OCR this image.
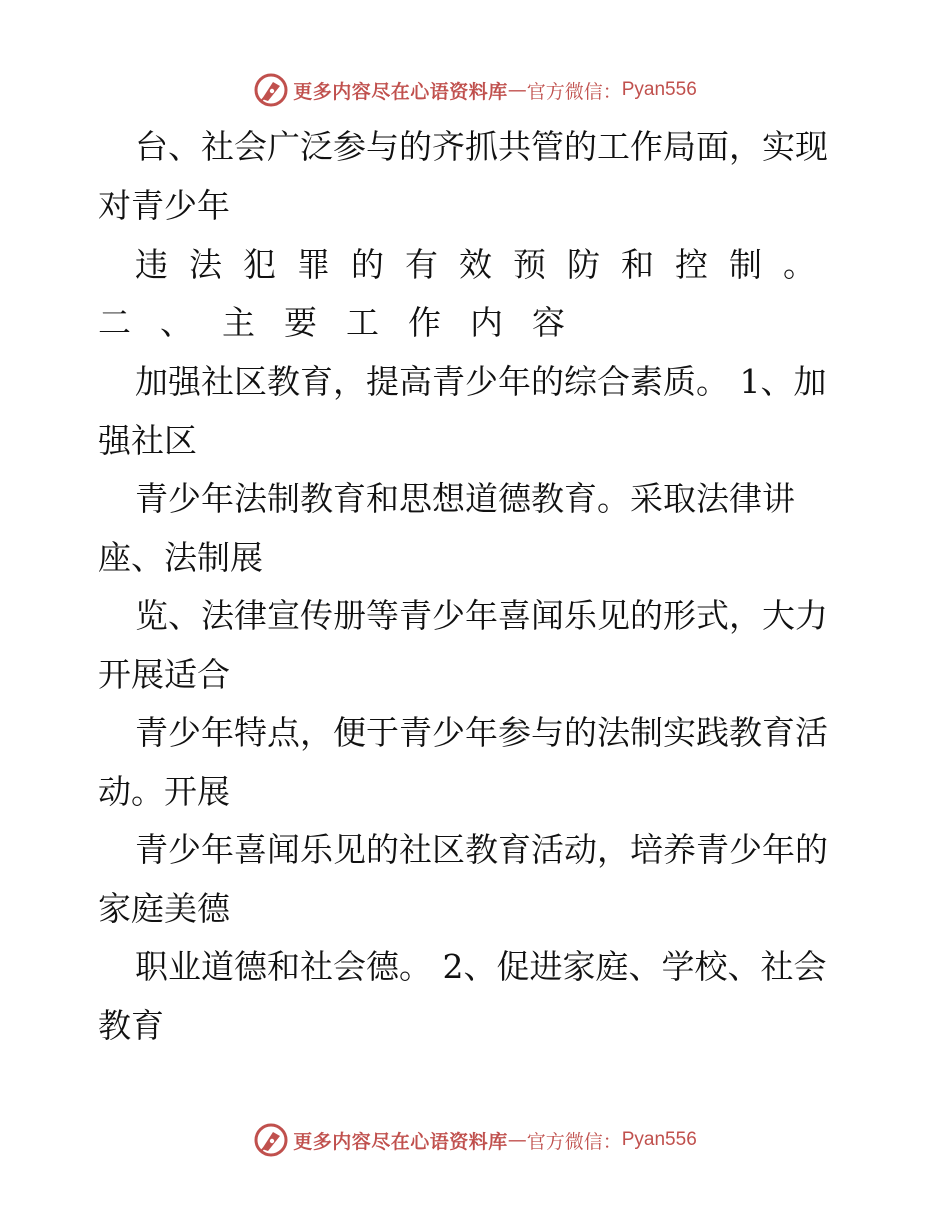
更多内容尽在心语资料库 — 官方微信： Pyan556
台、社会广泛参与的齐抓共管的工作局面，实现
对青少年
违法犯罪的有效预防和控制。
二、主要工作内容
加强社区教育，提高青少年的综合素质。 1、加
强社区
青少年法制教育和思想道德教育。采取法律讲
座、法制展
览、法律宣传册等青少年喜闻乐见的形式，大力
开展适合
青少年特点，便于青少年参与的法制实践教育活
动。开展
青少年喜闻乐见的社区教育活动，培养青少年的
家庭美德
职业道德和社会德。 2、促进家庭、学校、社会
教育
更多内容尽在心语资料库 — 官方微信： Pyan556
